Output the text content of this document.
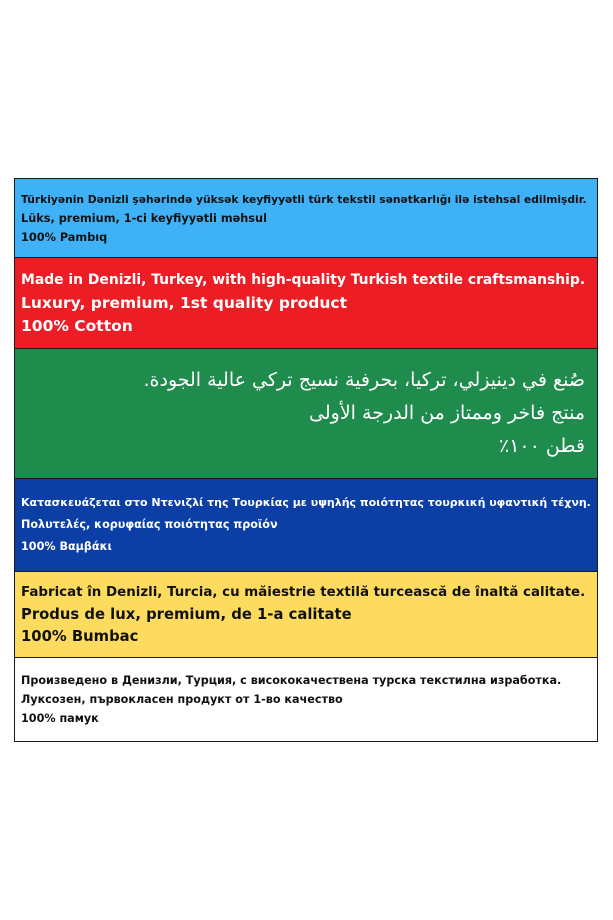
Türkiyənin Dənizli şəhərində yüksək keyfiyyətli türk tekstil sənətkarlığı ilə istehsal edilmişdir.
Lüks, premium, 1-ci keyfiyyətli məhsul
100% Pambıq
Made in Denizli, Turkey, with high-quality Turkish textile craftsmanship.
Luxury, premium, 1st quality product
100% Cotton
صُنع في دينيزلي، تركيا، بحرفية نسيج تركي عالية الجودة.
منتج فاخر وممتاز من الدرجة الأولى
قطن ١٠٠٪
Κατασκευάζεται στο Ντενιζλί της Τουρκίας με υψηλής ποιότητας τουρκική υφαντική τέχνη.
Πολυτελές, κορυφαίας ποιότητας προϊόν
100% Βαμβάκι
Fabricat în Denizli, Turcia, cu măiestrie textilă turcească de înaltă calitate.
Produs de lux, premium, de 1-a calitate
100% Bumbac
Произведено в Денизли, Турция, с висококачествена турска текстилна изработка.
Луксозен, първокласен продукт от 1-во качество
100% памук
